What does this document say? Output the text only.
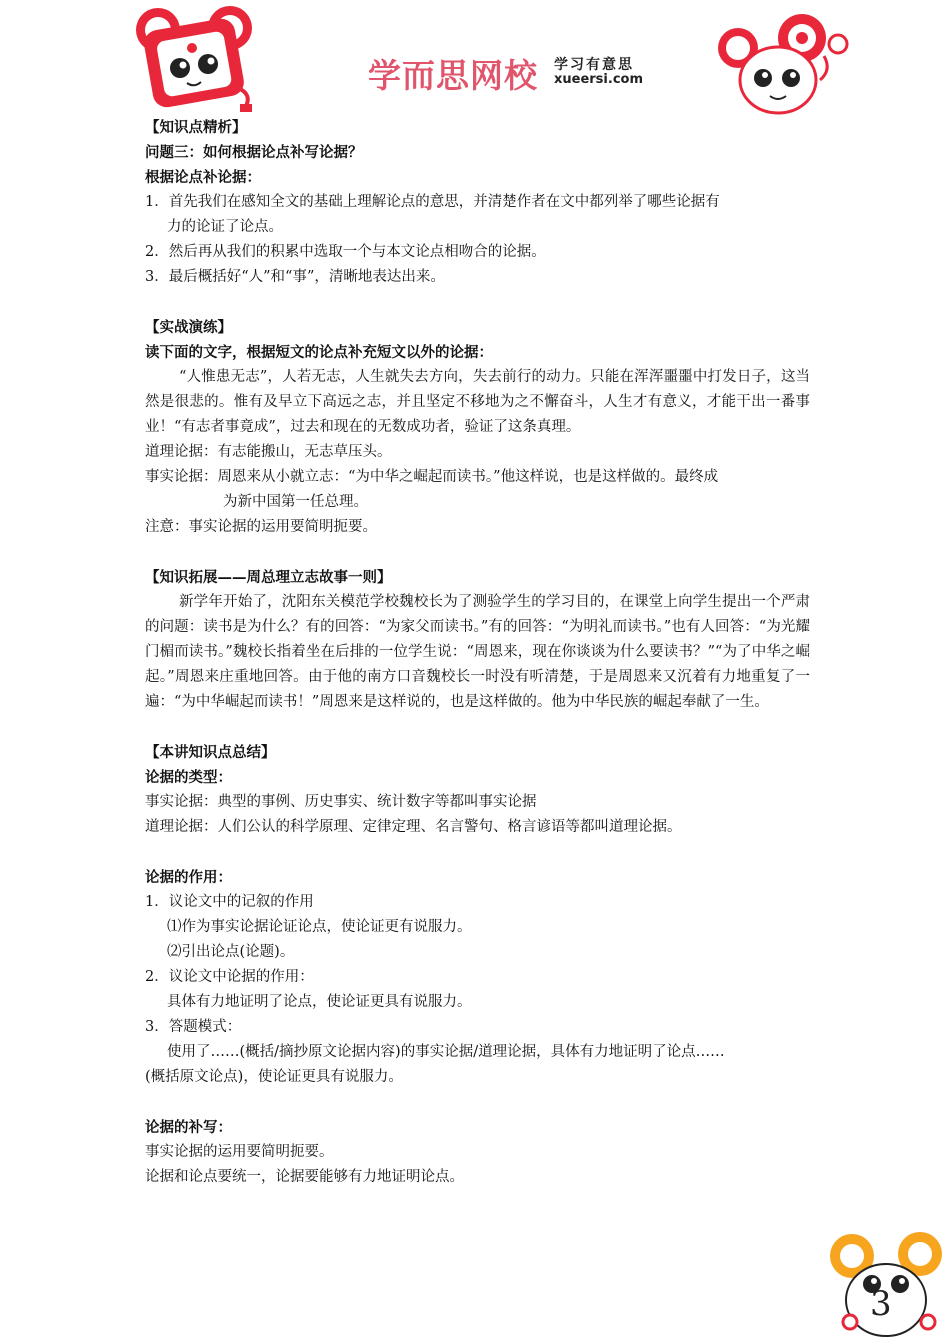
学而思网校 学习有意思
xueersi.com
【知识点精析】
问题三：如何根据论点补写论据？
根据论点补论据：
1．首先我们在感知全文的基础上理解论点的意思，并清楚作者在文中都列举了哪些论据有
力的论证了论点。
2．然后再从我们的积累中选取一个与本文论点相吻合的论据。
3．最后概括好“人”和“事”，清晰地表达出来。
【实战演练】
读下面的文字，根据短文的论点补充短文以外的论据：
“人惟患无志”，人若无志，人生就失去方向，失去前行的动力。只能在浑浑噩噩中打发日子，这当然是很悲的。惟有及早立下高远之志，并且坚定不移地为之不懈奋斗，人生才有意义，才能干出一番事业！“有志者事竟成”，过去和现在的无数成功者，验证了这条真理。
道理论据：有志能搬山，无志草压头。
事实论据：周恩来从小就立志：“为中华之崛起而读书。”他这样说，也是这样做的。最终成
为新中国第一任总理。
注意：事实论据的运用要简明扼要。
【知识拓展——周总理立志故事一则】
新学年开始了，沈阳东关模范学校魏校长为了测验学生的学习目的，在课堂上向学生提出一个严肃的问题：读书是为什么？有的回答：“为家父而读书。”有的回答：“为明礼而读书。”也有人回答：“为光耀门楣而读书。”魏校长指着坐在后排的一位学生说：“周恩来，现在你谈谈为什么要读书？”“为了中华之崛起。”周恩来庄重地回答。由于他的南方口音魏校长一时没有听清楚，于是周恩来又沉着有力地重复了一遍：“为中华崛起而读书！”周恩来是这样说的，也是这样做的。他为中华民族的崛起奉献了一生。
【本讲知识点总结】
论据的类型：
事实论据：典型的事例、历史事实、统计数字等都叫事实论据
道理论据：人们公认的科学原理、定律定理、名言警句、格言谚语等都叫道理论据。
论据的作用：
1．议论文中的记叙的作用
⑴作为事实论据论证论点，使论证更有说服力。
⑵引出论点(论题)。
2．议论文中论据的作用：
具体有力地证明了论点，使论证更具有说服力。
3．答题模式：
使用了……(概括/摘抄原文论据内容)的事实论据/道理论据，具体有力地证明了论点……
(概括原文论点)，使论证更具有说服力。
论据的补写：
事实论据的运用要简明扼要。
论据和论点要统一，论据要能够有力地证明论点。
3
